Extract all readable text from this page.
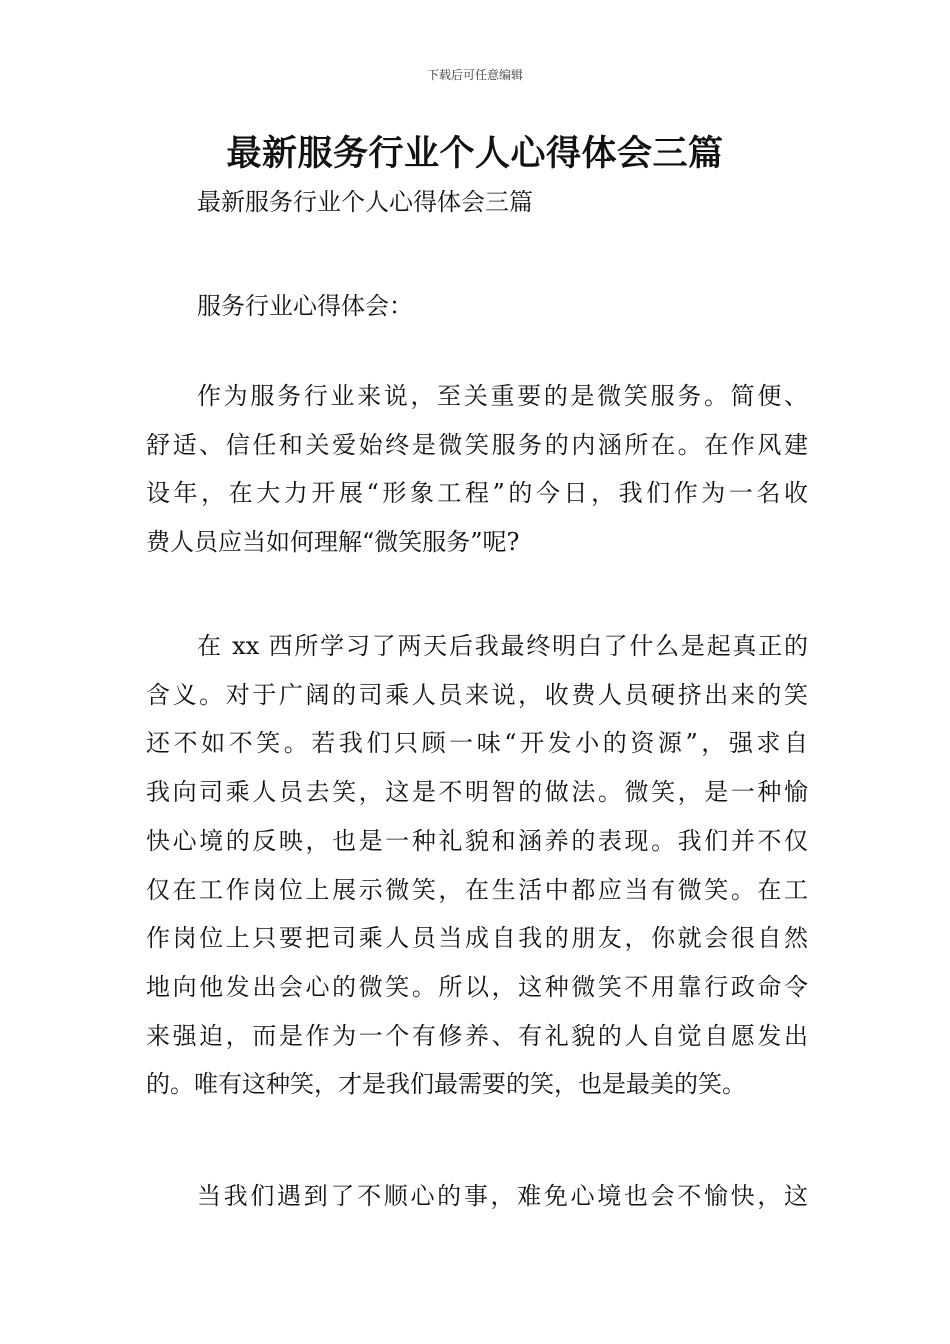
下载后可任意编辑
最新服务行业个人心得体会三篇
最新服务行业个人心得体会三篇
服务行业心得体会：

作为服务行业来说，至关重要的是微笑服务。简便、
舒适、信任和关爱始终是微笑服务的内涵所在。在作风建
设年，在大力开展“形象工程”的今日，我们作为一名收
费人员应当如何理解“微笑服务”呢?

在 xx 西所学习了两天后我最终明白了什么是起真正的
含义。对于广阔的司乘人员来说，收费人员硬挤出来的笑
还不如不笑。若我们只顾一味“开发小的资源”，强求自
我向司乘人员去笑，这是不明智的做法。微笑，是一种愉
快心境的反映，也是一种礼貌和涵养的表现。我们并不仅
仅在工作岗位上展示微笑，在生活中都应当有微笑。在工
作岗位上只要把司乘人员当成自我的朋友，你就会很自然
地向他发出会心的微笑。所以，这种微笑不用靠行政命令
来强迫，而是作为一个有修养、有礼貌的人自觉自愿发出
的。唯有这种笑，才是我们最需要的笑，也是最美的笑。

当我们遇到了不顺心的事，难免心境也会不愉快，这
